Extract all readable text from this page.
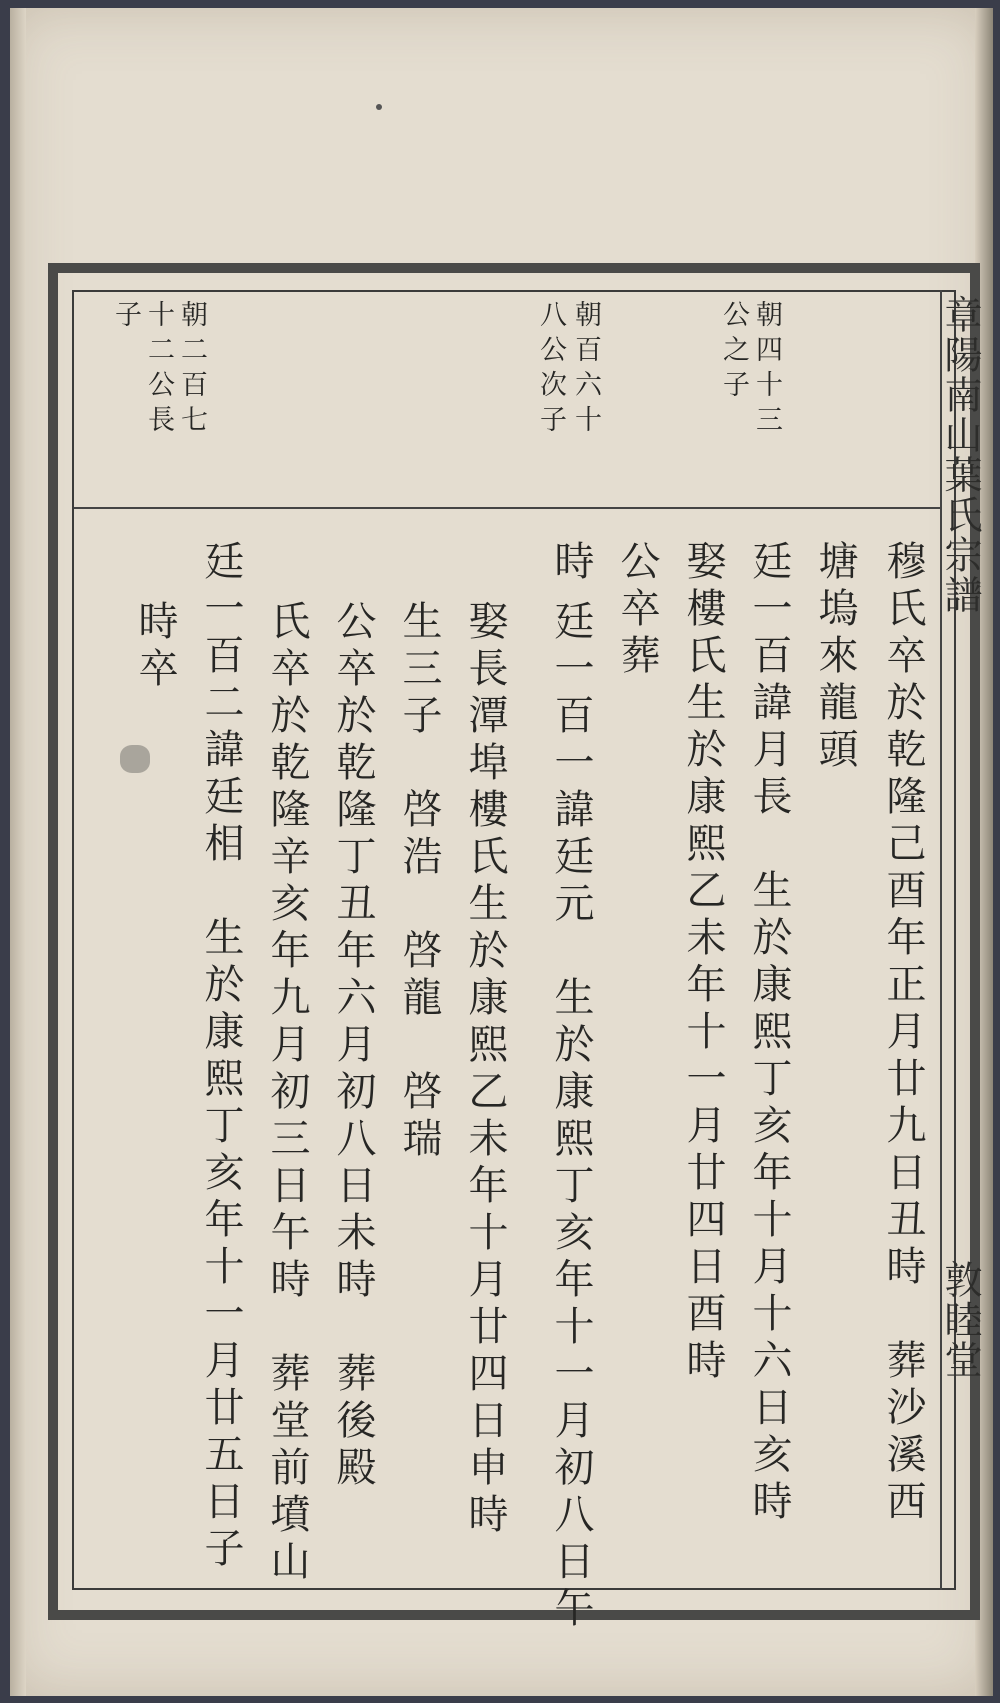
章陽南山葉氏宗譜
敦睦堂
朝四十三
公之子
朝百六十
八公次子
朝二百七
十二公長
子
穆氏卒於乾隆己酉年正月廿九日丑時　葬沙溪西
塘塢來龍頭
廷一百諱月長　生於康熙丁亥年十月十六日亥時
娶樓氏生於康熙乙未年十一月廿四日酉時
公卒葬
時
廷一百一諱廷元　生於康熙丁亥年十一月初八日午
娶長潭埠樓氏生於康熙乙未年十月廿四日申時
生三子　啓浩　啓龍　啓瑞
公卒於乾隆丁丑年六月初八日未時　葬後殿
氏卒於乾隆辛亥年九月初三日午時　葬堂前墳山
廷一百二諱廷相　生於康熙丁亥年十一月廿五日子
時卒
